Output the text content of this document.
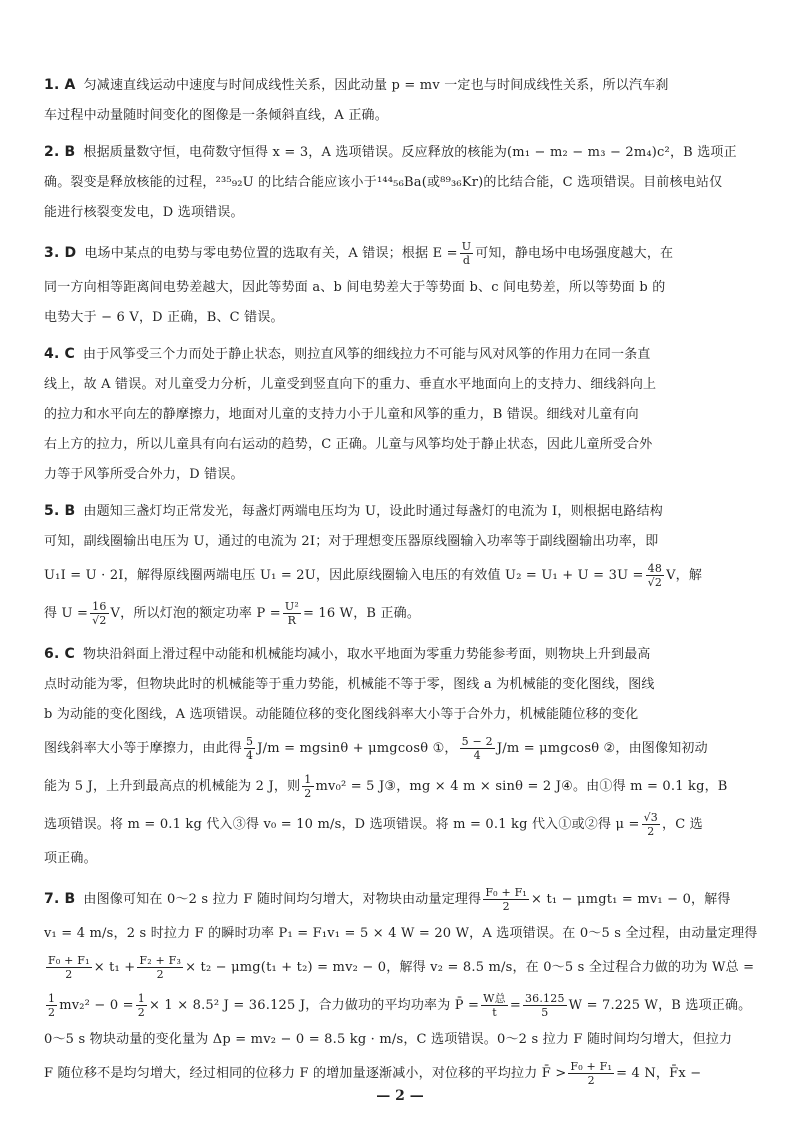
1. A 匀减速直线运动中速度与时间成线性关系，因此动量 p = mv 一定也与时间成线性关系，所以汽车刹
车过程中动量随时间变化的图像是一条倾斜直线，A 正确。
2. B 根据质量数守恒，电荷数守恒得 x = 3，A 选项错误。反应释放的核能为(m₁ − m₂ − m₃ − 2m₄)c²，B 选项正
确。裂变是释放核能的过程，²³⁵₉₂U 的比结合能应该小于¹⁴⁴₅₆Ba(或⁸⁹₃₆Kr)的比结合能，C 选项错误。目前核电站仅
能进行核裂变发电，D 选项错误。
3. D 电场中某点的电势与零电势位置的选取有关，A 错误；根据 $E = \frac{U}{d}$ 可知，静电场中电场强度越大，在
同一方向相等距离间电势差越大，因此等势面 a、b 间电势差大于等势面 b、c 间电势差，所以等势面 b 的
电势大于 − 6 V，D 正确，B、C 错误。
4. C 由于风筝受三个力而处于静止状态，则拉直风筝的细线拉力不可能与风对风筝的作用力在同一条直
线上，故 A 错误。对儿童受力分析，儿童受到竖直向下的重力、垂直水平地面向上的支持力、细线斜向上
的拉力和水平向左的静摩擦力，地面对儿童的支持力小于儿童和风筝的重力，B 错误。细线对儿童有向
右上方的拉力，所以儿童具有向右运动的趋势，C 正确。儿童与风筝均处于静止状态，因此儿童所受合外
力等于风筝所受合外力，D 错误。
5. B 由题知三盏灯均正常发光，每盏灯两端电压均为 U，设此时通过每盏灯的电流为 I，则根据电路结构
可知，副线圈输出电压为 U，通过的电流为 2I；对于理想变压器原线圈输入功率等于副线圈输出功率，即
U₁I = U · 2I，解得原线圈两端电压 U₁ = 2U，因此原线圈输入电压的有效值 $U_2 = U_1 + U = 3U = \frac{48}{√2}$ V，解
得 $U = \frac{16}{√2}$ V，所以灯泡的额定功率 $P = \frac{\text{U²}}{R} = 16$ W，B 正确。
6. C 物块沿斜面上滑过程中动能和机械能均减小，取水平地面为零重力势能参考面，则物块上升到最高
点时动能为零，但物块此时的机械能等于重力势能，机械能不等于零，图线 a 为机械能的变化图线，图线
b 为动能的变化图线，A 选项错误。动能随位移的变化图线斜率大小等于合外力，机械能随位移的变化
图线斜率大小等于摩擦力，由此得 $\frac{5}{4} J/m = mgsin\theta + \mu mgcos\theta$ ①， $\frac{5 - 2}{4} J/m = \mu mgcos\theta$ ②，由图像知初动
能为 5 J，上升到最高点的机械能为 2 J，则 $\frac{1}{2} mv_0^2 = 5$ J③，mg × 4 m × sinθ = 2 J④。由①得 m = 0.1 kg，B
选项错误。将 m = 0.1 kg 代入③得 v₀ = 10 m/s，D 选项错误。将 m = 0.1 kg 代入①或②得 $\mu = \frac{√3}{2}$ ，C 选
项正确。
7. B 由图像可知在 0～2 s 拉力 F 随时间均匀增大，对物块由动量定理得 $\frac{\text{F₀ + F₁}}{2} \times t_1 - \mu mgt_1 = mv_1 - 0$，解得
v₁ = 4 m/s，2 s 时拉力 F 的瞬时功率 P₁ = F₁v₁ = 5 × 4 W = 20 W，A 选项错误。在 0～5 s 全过程，由动量定理得
$\frac{\text{F₀ + F₁}}{2} \times t_1 + \frac{\text{F₂ + F₃}}{2} \times t_2 - \mu mg(t_1 + t_2) = mv_2 - 0$，解得 v₂ = 8.5 m/s，在 0～5 s 全过程合力做的功为 W总 =
$\frac{1}{2} mv_2^2 - 0 = \frac{1}{2} \times 1 \times 8.5^2$ J = 36.125 J，合力做功的平均功率为 P̄ = $\frac{\text{W总}}{t} = \frac{36.125}{5}$ W = 7.225 W，B 选项正确。
0～5 s 物块动量的变化量为 Δp = mv₂ − 0 = 8.5 kg · m/s，C 选项错误。0～2 s 拉力 F 随时间均匀增大，但拉力
F 随位移不是均匀增大，经过相同的位移力 F 的增加量逐渐减小，对位移的平均拉力 F̄ > $\frac{\text{F₀ + F₁}}{2} = 4$ N，F̄x −
— 2 —
